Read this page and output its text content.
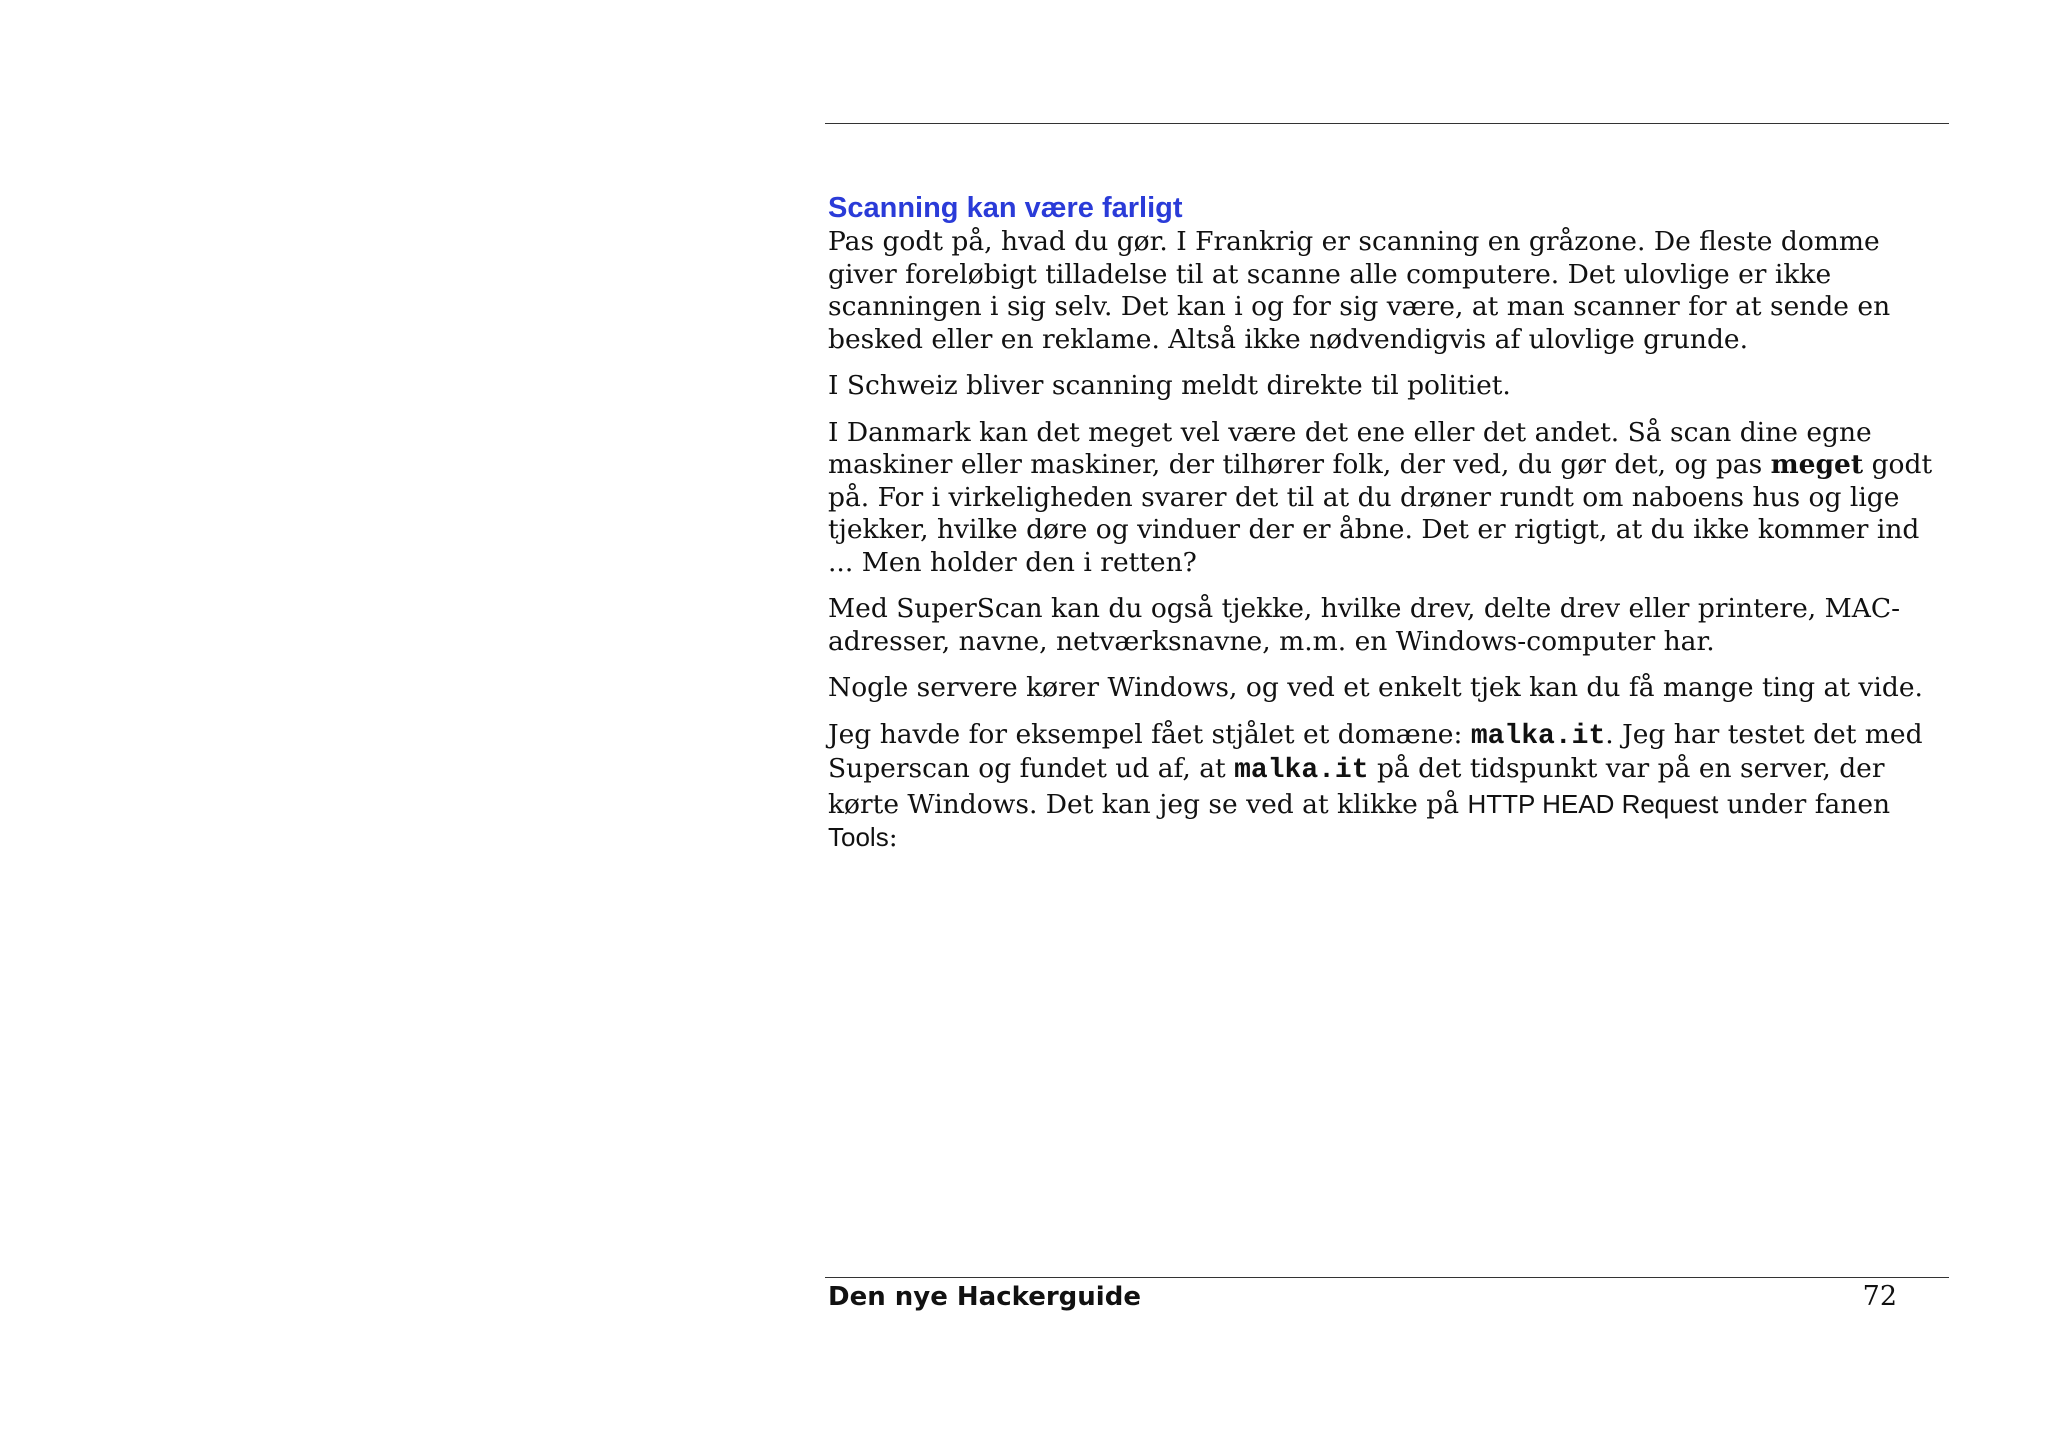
Scanning kan være farligt

Pas godt på, hvad du gør. I Frankrig er scanning en gråzone. De fleste domme giver foreløbigt tilladelse til at scanne alle computere. Det ulovlige er ikke scanningen i sig selv. Det kan i og for sig være, at man scanner for at sende en besked eller en reklame. Altså ikke nødvendigvis af ulovlige grunde.

I Schweiz bliver scanning meldt direkte til politiet.

I Danmark kan det meget vel være det ene eller det andet. Så scan dine egne maskiner eller maskiner, der tilhører folk, der ved, du gør det, og pas meget godt på. For i virkeligheden svarer det til at du drøner rundt om naboens hus og lige tjekker, hvilke døre og vinduer der er åbne. Det er rigtigt, at du ikke kommer ind ... Men holder den i retten?

Med SuperScan kan du også tjekke, hvilke drev, delte drev eller printere, MAC-adresser, navne, netværksnavne, m.m. en Windows-computer har.

Nogle servere kører Windows, og ved et enkelt tjek kan du få mange ting at vide.

Jeg havde for eksempel fået stjålet et domæne: malka.it. Jeg har testet det med Superscan og fundet ud af, at malka.it på det tidspunkt var på en server, der kørte Windows. Det kan jeg se ved at klikke på HTTP HEAD Request under fanen Tools:

Den nye Hackerguide	72
